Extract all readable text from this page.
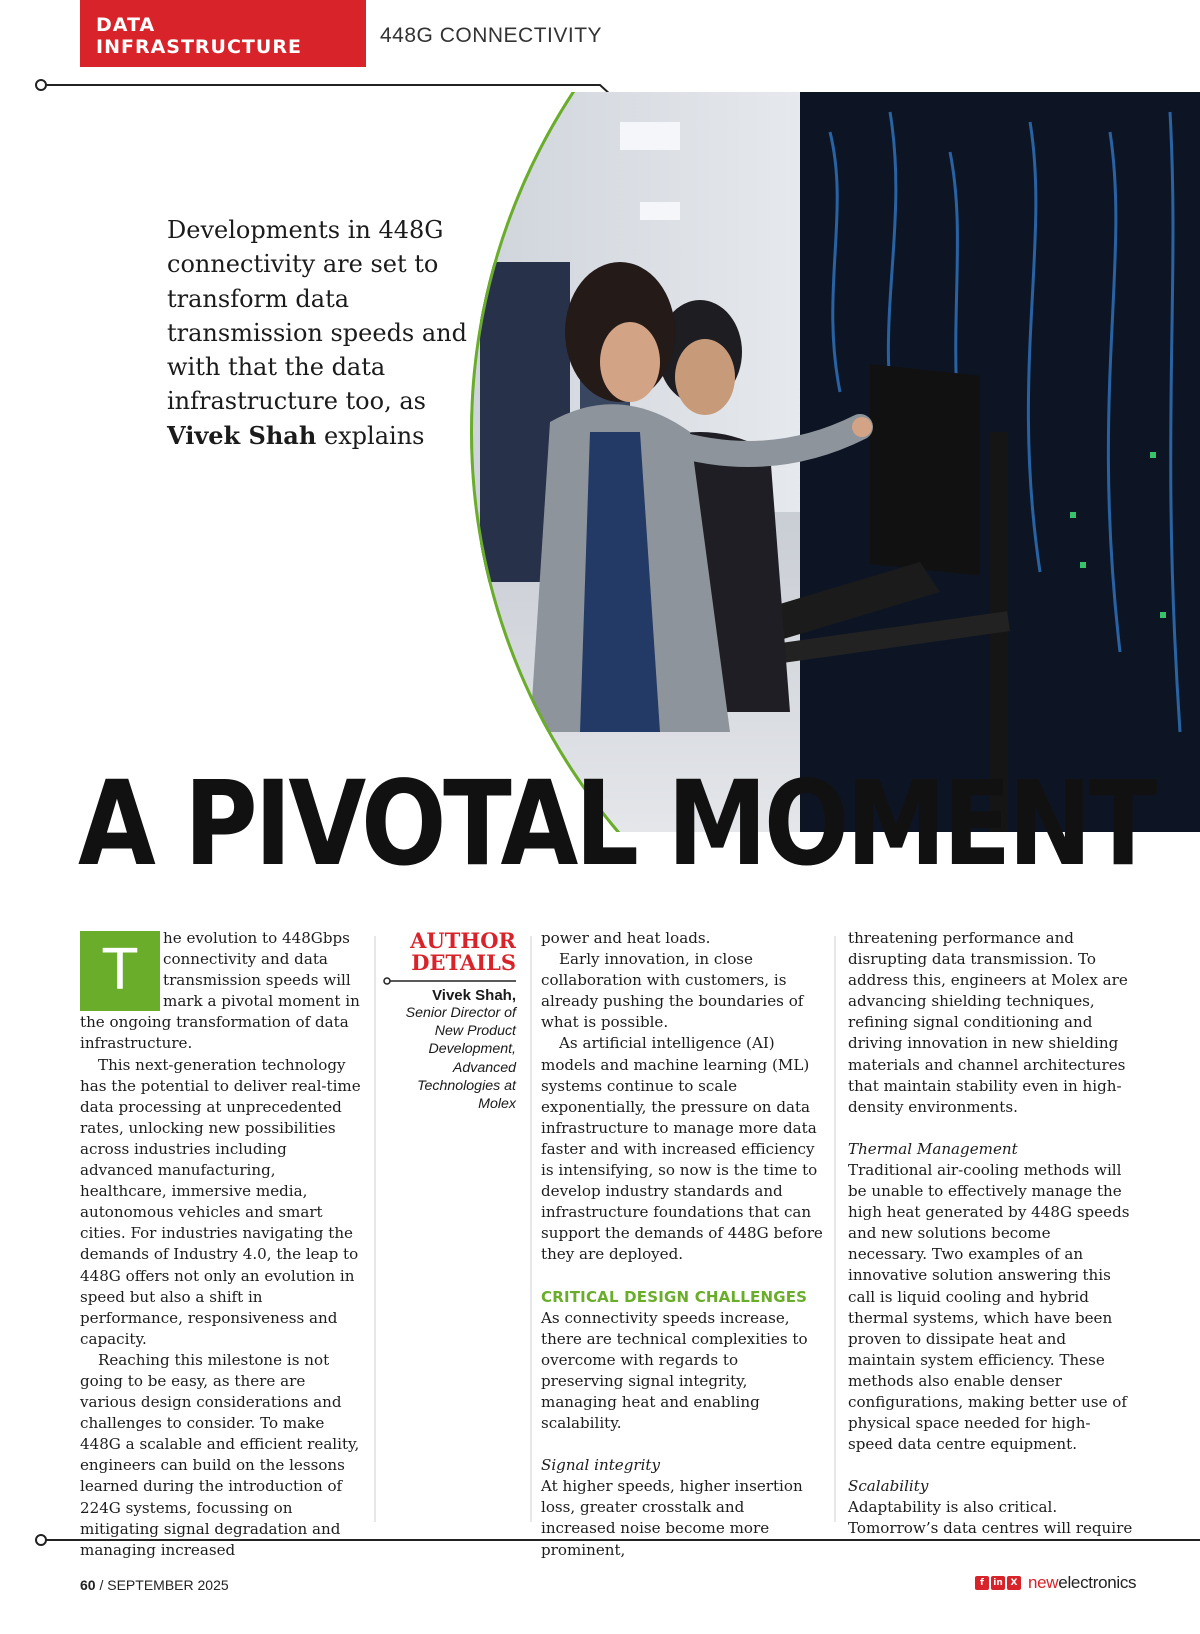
DATA INFRASTRUCTURE	448G CONNECTIVITY
Developments in 448G connectivity are set to transform data transmission speeds and with that the data infrastructure too, as Vivek Shah explains
A PIVOTAL MOMENT
T

he evolution to 448Gbps connectivity and data transmission speeds will mark a pivotal moment in the ongoing transformation of data infrastructure.

This next-generation technology has the potential to deliver real-time data processing at unprecedented rates, unlocking new possibilities across industries including advanced manufacturing, healthcare, immersive media, autonomous vehicles and smart cities. For industries navigating the demands of Industry 4.0, the leap to 448G offers not only an evolution in speed but also a shift in performance, responsiveness and capacity.

Reaching this milestone is not going to be easy, as there are various design considerations and challenges to consider. To make 448G a scalable and efficient reality, engineers can build on the lessons learned during the introduction of 224G systems, focussing on mitigating signal degradation and managing increased

AUTHOR
DETAILS
Vivek Shah,
Senior Director of New Product Development, Advanced Technologies at Molex

power and heat loads.

Early innovation, in close collaboration with customers, is already pushing the boundaries of what is possible.

As artificial intelligence (AI) models and machine learning (ML) systems continue to scale exponentially, the pressure on data infrastructure to manage more data faster and with increased efficiency is intensifying, so now is the time to develop industry standards and infrastructure foundations that can support the demands of 448G before they are deployed.

CRITICAL DESIGN CHALLENGES

As connectivity speeds increase, there are technical complexities to overcome with regards to preserving signal integrity, managing heat and enabling scalability.

Signal integrity

At higher speeds, higher insertion loss, greater crosstalk and increased noise become more prominent,

threatening performance and disrupting data transmission. To address this, engineers at Molex are advancing shielding techniques, refining signal conditioning and driving innovation in new shielding materials and channel architectures that maintain stability even in high-density environments.

Thermal Management

Traditional air-cooling methods will be unable to effectively manage the high heat generated by 448G speeds and new solutions become necessary. Two examples of an innovative solution answering this call is liquid cooling and hybrid thermal systems, which have been proven to dissipate heat and maintain system efficiency. These methods also enable denser configurations, making better use of physical space needed for high-speed data centre equipment.

Scalability

Adaptability is also critical. Tomorrow’s data centres will require

60 / SEPTEMBER 2025	f	in X newelectronics
